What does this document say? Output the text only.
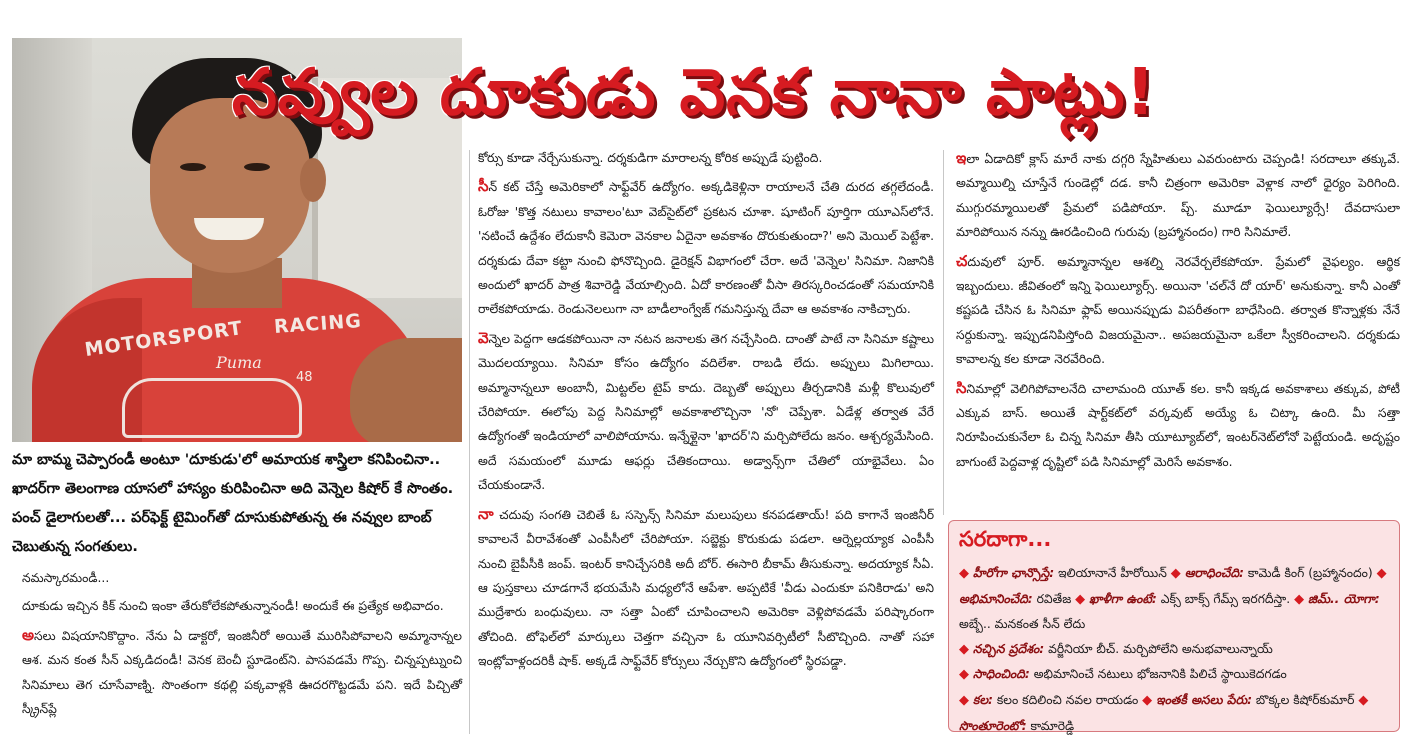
MOTORSPORT	RACING
Puma
48
నవ్వుల దూకుడు వెనక నానా పాట్లు!
మా బామ్మ చెప్పారండీ అంటూ 'దూకుడు'లో అమాయక శాస్త్రిలా కనిపించినా.. ఖాదర్‌గా తెలంగాణ యాసలో హాస్యం కురిపించినా అది వెన్నెల కిషోర్ కే సొంతం. పంచ్ డైలాగులతో... పర్‌ఫెక్ట్ టైమింగ్‌తో దూసుకుపోతున్న ఈ నవ్వుల బాంబ్ చెబుతున్న సంగతులు.

నమస్కారమండీ...

దూకుడు ఇచ్చిన కిక్ నుంచి ఇంకా తేరుకోలేకపోతున్నానండీ! అందుకే ఈ ప్రత్యేక అభివాదం.

అసలు విషయానికొద్దాం. నేను ఏ డాక్టరో, ఇంజినీరో అయితే మురిసిపోవాలని అమ్మానాన్నల ఆశ. మన కంత సీన్ ఎక్కడిదండీ! వెనక బెంచీ స్టూడెంట్‌ని. పాసవడమే గొప్ప. చిన్నప్పట్నుంచి సినిమాలు తెగ చూసేవాణ్ని. సొంతంగా కథల్లి పక్కవాళ్లకి ఊదరగొట్టడమే పని. ఇదే పిచ్చితో స్క్రీన్‌ప్లే

కోర్సు కూడా నేర్చేసుకున్నా. దర్శకుడిగా మారాలన్న కోరిక అప్పుడే పుట్టింది.

సీన్ కట్ చేస్తే అమెరికాలో సాఫ్ట్‌వేర్ ఉద్యోగం. అక్కడికెళ్లినా రాయాలనే చేతి దురద తగ్గలేదండీ. ఓరోజు 'కొత్త నటులు కావాలం'టూ వెబ్‌సైట్‌లో ప్రకటన చూశా. షూటింగ్ పూర్తిగా యూఎస్‌లోనే. 'నటించే ఉద్దేశం లేదుకానీ కెమెరా వెనకాల ఏదైనా అవకాశం దొరుకుతుందా?' అని మెయిల్ పెట్టేశా. దర్శకుడు దేవా కట్టా నుంచి ఫోనొచ్చింది. డైరెక్షన్ విభాగంలో చేరా. అదే 'వెన్నెల' సినిమా. నిజానికి అందులో ఖాదర్ పాత్ర శివారెడ్డి వేయాల్సింది. ఏదో కారణంతో వీసా తిరస్కరించడంతో సమయానికి రాలేకపోయాడు. రెండునెలలుగా నా బాడీలాంగ్వేజ్ గమనిస్తున్న దేవా ఆ అవకాశం నాకిచ్చారు.

వెన్నెల పెద్దగా ఆడకపోయినా నా నటన జనాలకు తెగ నచ్చేసింది. దాంతో పాటే నా సినిమా కష్టాలు మొదలయ్యాయి. సినిమా కోసం ఉద్యోగం వదిలేశా. రాబడి లేదు. అప్పులు మిగిలాయి. అమ్మానాన్నలూ అంబానీ, మిట్టల్‌ల టైప్ కాదు. దెబ్బతో అప్పులు తీర్చడానికి మళ్లీ కొలువులో చేరిపోయా. ఈలోపు పెద్ద సినిమాల్లో అవకాశాలొచ్చినా 'నో' చెప్పేశా. ఏడేళ్ల తర్వాత వేరే ఉద్యోగంతో ఇండియాలో వాలిపోయాను. ఇన్నేళ్లైనా 'ఖాదర్'ని మర్చిపోలేదు జనం. ఆశ్చర్యమేసింది. అదే సమయంలో మూడు ఆఫర్లు చేతికందాయి. అడ్వాన్స్‌గా చేతిలో యాభైవేలు. ఏం చేయకుండానే.

నా చదువు సంగతి చెబితే ఓ సస్పెన్స్ సినిమా మలుపులు కనపడతాయ్! పది కాగానే ఇంజినీర్ కావాలనే వీరావేశంతో ఎంపీసీలో చేరిపోయా. సబ్జెక్టు కొరుకుడు పడలా. ఆర్నెల్లయ్యాక ఎంపీసీ నుంచి బైపీసీకి జంప్. ఇంటర్ కానిచ్చేసరికి అదీ బోర్. ఈసారి బీకామ్ తీసుకున్నా. అదయ్యాక సీఏ. ఆ పుస్తకాలు చూడగానే భయమేసి మధ్యలోనే ఆపేశా. అప్పటికే 'వీడు ఎందుకూ పనికిరాడు' అని ముద్రేశారు బంధువులు. నా సత్తా ఏంటో చూపించాలని అమెరికా వెళ్లిపోవడమే పరిష్కారంగా తోచింది. టోఫెల్‌లో మార్కులు చెత్తగా వచ్చినా ఓ యూనివర్సిటీలో సీటొచ్చింది. నాతో సహా ఇంట్లోవాళ్లందరికీ షాక్. అక్కడే సాఫ్ట్‌వేర్ కోర్సులు నేర్చుకొని ఉద్యోగంలో స్థిరపడ్డా.

ఇలా ఏడాదికో క్లాస్ మారే నాకు దగ్గరి స్నేహితులు ఎవరుంటారు చెప్పండి! సరదాలూ తక్కువే. అమ్మాయిల్ని చూస్తేనే గుండెల్లో దడ. కానీ చిత్రంగా అమెరికా వెళ్లాక నాలో ధైర్యం పెరిగింది. ముగ్గురమ్మాయిలతో ప్రేమలో పడిపోయా. ప్చ్. మూడూ ఫెయిల్యూర్సే! దేవదాసులా మారిపోయిన నన్ను ఊరడించింది గురువు (బ్రహ్మానందం) గారి సినిమాలే.

చదువులో పూర్. అమ్మానాన్నల ఆశల్ని నెరవేర్చలేకపోయా. ప్రేమలో వైఫల్యం. ఆర్థిక ఇబ్బందులు. జీవితంలో ఇన్ని ఫెయిల్యూర్స్. అయినా 'చల్‌నే దో యార్' అనుకున్నా. కానీ ఎంతో కష్టపడి చేసిన ఓ సినిమా ఫ్లాప్ అయినప్పుడు విపరీతంగా బాధేసింది. తర్వాత కొన్నాళ్లకు నేనే సర్దుకున్నా. ఇప్పుడనిపిస్తోంది విజయమైనా.. అపజయమైనా ఒకేలా స్వీకరించాలని. దర్శకుడు కావాలన్న కల కూడా నెరవేరింది.

సినిమాల్లో వెలిగిపోవాలనేది చాలామంది యూత్ కల. కానీ ఇక్కడ అవకాశాలు తక్కువ, పోటీ ఎక్కువ బాస్. అయితే షార్ట్‌కట్‌లో వర్కవుట్ అయ్యే ఓ చిట్కా ఉంది. మీ సత్తా నిరూపించుకునేలా ఓ చిన్న సినిమా తీసి యూట్యూబ్‌లో, ఇంటర్‌నెట్‌లోనో పెట్టేయండి. అదృష్టం బాగుంటే పెద్దవాళ్ల దృష్టిలో పడి సినిమాల్లో మెరిసే అవకాశం.

సరదాగా...
◆ హీరోగా ఛాన్సొస్తే: ఇలియానానే హీరోయిన్ ◆ ఆరాధించేది: కామెడీ కింగ్ (బ్రహ్మానందం) ◆ అభిమానించేది: రవితేజ ◆ ఖాళీగా ఉంటే: ఎక్స్ బాక్స్ గేమ్స్ ఇరగదీస్తా. ◆ జిమ్.. యోగా: అబ్బే.. మనకంత సీన్ లేదు
◆ నచ్చిన ప్రదేశం: వర్జీనియా బీచ్. మర్చిపోలేని అనుభవాలున్నాయ్
◆ సాధించింది: అభిమానించే నటులు భోజనానికి పిలిచే స్థాయికెదగడం
◆ కల: కలం కదిలించి నవల రాయడం ◆ ఇంతకీ అసలు పేరు: బొక్కల కిషోర్‌కుమార్ ◆ సొంతూరెంటో: కామారెడ్డి
